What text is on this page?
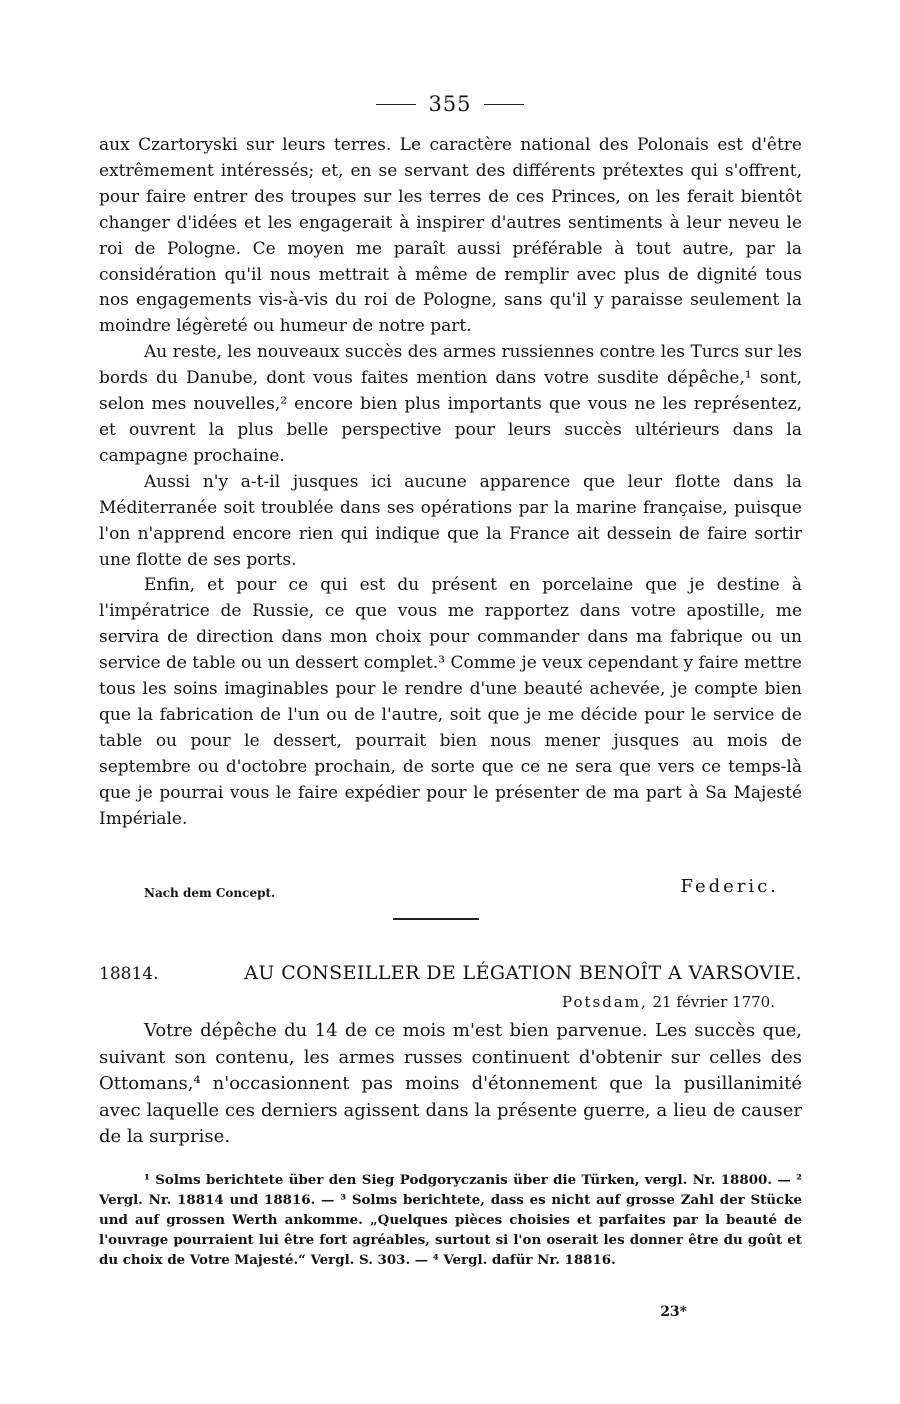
355

aux Czartoryski sur leurs terres. Le caractère national des Polonais est d'être extrêmement intéressés; et, en se servant des différents prétextes qui s'offrent, pour faire entrer des troupes sur les terres de ces Princes, on les ferait bientôt changer d'idées et les engagerait à inspirer d'autres sentiments à leur neveu le roi de Pologne. Ce moyen me paraît aussi préférable à tout autre, par la considération qu'il nous mettrait à même de remplir avec plus de dignité tous nos engagements vis-à-vis du roi de Pologne, sans qu'il y paraisse seulement la moindre légèreté ou humeur de notre part.

Au reste, les nouveaux succès des armes russiennes contre les Turcs sur les bords du Danube, dont vous faites mention dans votre susdite dépêche,¹ sont, selon mes nouvelles,² encore bien plus importants que vous ne les représentez, et ouvrent la plus belle perspective pour leurs succès ultérieurs dans la campagne prochaine.

Aussi n'y a-t-il jusques ici aucune apparence que leur flotte dans la Méditerranée soit troublée dans ses opérations par la marine française, puisque l'on n'apprend encore rien qui indique que la France ait dessein de faire sortir une flotte de ses ports.

Enfin, et pour ce qui est du présent en porcelaine que je destine à l'impératrice de Russie, ce que vous me rapportez dans votre apostille, me servira de direction dans mon choix pour commander dans ma fabrique ou un service de table ou un dessert complet.³ Comme je veux cependant y faire mettre tous les soins imaginables pour le rendre d'une beauté achevée, je compte bien que la fabrication de l'un ou de l'autre, soit que je me décide pour le service de table ou pour le dessert, pourrait bien nous mener jusques au mois de septembre ou d'octobre prochain, de sorte que ce ne sera que vers ce temps-là que je pourrai vous le faire expédier pour le présenter de ma part à Sa Majesté Impériale.

Nach dem Concept.	Federic.
18814.	AU CONSEILLER DE LÉGATION BENOÎT A VARSOVIE.
Potsdam, 21 février 1770.

Votre dépêche du 14 de ce mois m'est bien parvenue. Les succès que, suivant son contenu, les armes russes continuent d'obtenir sur celles des Ottomans,⁴ n'occasionnent pas moins d'étonnement que la pusillanimité avec laquelle ces derniers agissent dans la présente guerre, a lieu de causer de la surprise.

¹ Solms berichtete über den Sieg Podgoryczanis über die Türken, vergl. Nr. 18800. — ² Vergl. Nr. 18814 und 18816. — ³ Solms berichtete, dass es nicht auf grosse Zahl der Stücke und auf grossen Werth ankomme. „Quelques pièces choisies et parfaites par la beauté de l'ouvrage pourraient lui être fort agréables, surtout si l'on oserait les donner être du goût et du choix de Votre Majesté.“ Vergl. S. 303. — ⁴ Vergl. dafür Nr. 18816.

23*
